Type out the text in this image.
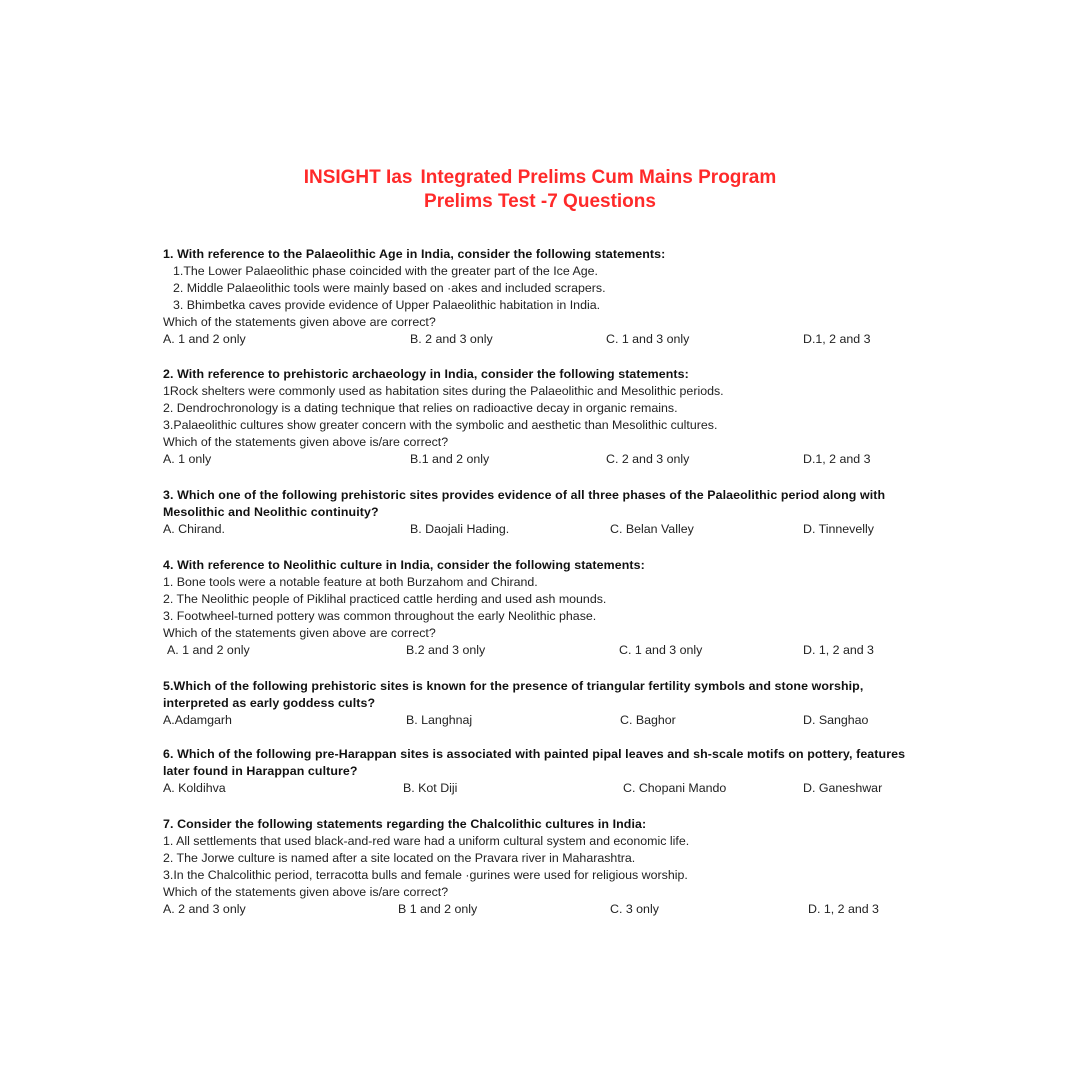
INSIGHT Ias Integrated Prelims Cum Mains Program
Prelims Test -7 Questions
1. With reference to the Palaeolithic Age in India, consider the following statements:
1.The Lower Palaeolithic phase coincided with the greater part of the Ice Age.
2. Middle Palaeolithic tools were mainly based on ·akes and included scrapers.
3. Bhimbetka caves provide evidence of Upper Palaeolithic habitation in India.
Which of the statements given above are correct?
A. 1 and 2 only	B. 2 and 3 only	C. 1 and 3 only	D.1, 2 and 3
2. With reference to prehistoric archaeology in India, consider the following statements:
1Rock shelters were commonly used as habitation sites during the Palaeolithic and Mesolithic periods.
2. Dendrochronology is a dating technique that relies on radioactive decay in organic remains.
3.Palaeolithic cultures show greater concern with the symbolic and aesthetic than Mesolithic cultures.
Which of the statements given above is/are correct?
A. 1 only	B.1 and 2 only	C. 2 and 3 only	D.1, 2 and 3
3. Which one of the following prehistoric sites provides evidence of all three phases of the Palaeolithic period along with Mesolithic and Neolithic continuity?
A. Chirand.	B. Daojali Hading.	C. Belan Valley	D. Tinnevelly
4. With reference to Neolithic culture in India, consider the following statements:
1. Bone tools were a notable feature at both Burzahom and Chirand.
2. The Neolithic people of Piklihal practiced cattle herding and used ash mounds.
3. Footwheel-turned pottery was common throughout the early Neolithic phase.
Which of the statements given above are correct?
A. 1 and 2 only	B.2 and 3 only	C. 1 and 3 only	D. 1, 2 and 3
5.Which of the following prehistoric sites is known for the presence of triangular fertility symbols and stone worship, interpreted as early goddess cults?
A.Adamgarh	B. Langhnaj	C. Baghor	D. Sanghao
6. Which of the following pre-Harappan sites is associated with painted pipal leaves and sh-scale motifs on pottery, features later found in Harappan culture?
A. Koldihva	B. Kot Diji	C. Chopani Mando	D. Ganeshwar
7. Consider the following statements regarding the Chalcolithic cultures in India:
1. All settlements that used black-and-red ware had a uniform cultural system and economic life.
2. The Jorwe culture is named after a site located on the Pravara river in Maharashtra.
3.In the Chalcolithic period, terracotta bulls and female ·gurines were used for religious worship.
Which of the statements given above is/are correct?
A. 2 and 3 only	B 1 and 2 only	C. 3 only	D. 1, 2 and 3
